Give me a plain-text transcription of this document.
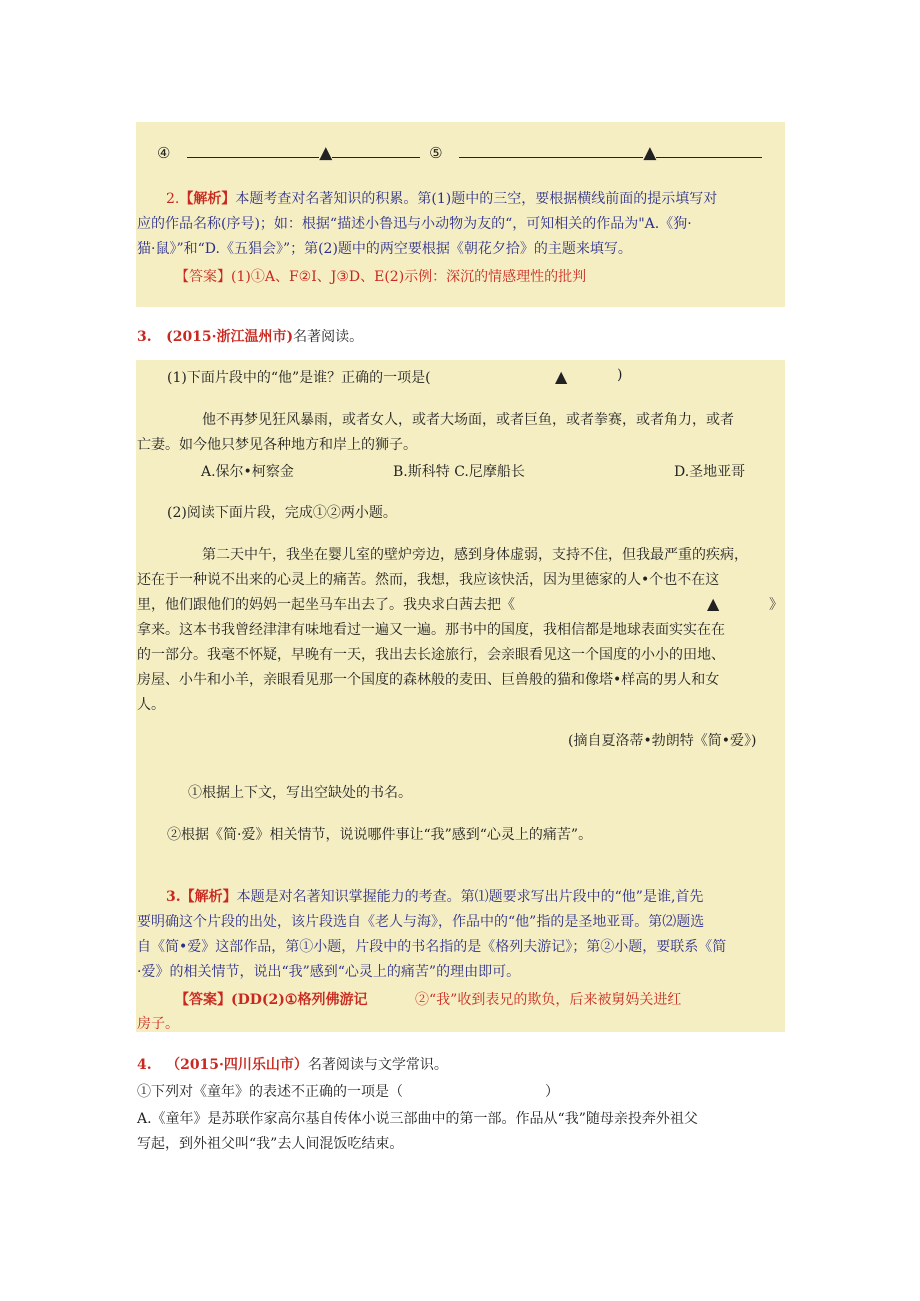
④	▲	⑤	▲
2.【解析】本题考查对名著知识的积累。第(1)题中的三空，要根据横线前面的提示填写对
应的作品名称(序号)；如：根据“描述小鲁迅与小动物为友的“，可知相关的作品为"A.《狗·
猫·鼠》”和“D.《五猖会》”；第(2)题中的两空要根据《朝花夕拾》的主题来填写。
【答案】(1)①A、F②I、J③D、E(2)示例：深沉的情感理性的批判
3. (2015·浙江温州市)名著阅读。
(1)下面片段中的“他”是谁？正确的一项是(	▲	)
他不再梦见狂风暴雨，或者女人，或者大场面，或者巨鱼，或者拳赛，或者角力，或者
亡妻。如今他只梦见各种地方和岸上的狮子。
A.保尔•柯察金	B.斯科特 C.尼摩船长	D.圣地亚哥
(2)阅读下面片段，完成①②两小题。
第二天中午，我坐在婴儿室的壁炉旁边，感到身体虚弱，支持不住，但我最严重的疾病，
还在于一种说不出来的心灵上的痛苦。然而，我想，我应该快活，因为里德家的人•个也不在这
里，他们跟他们的妈妈一起坐马车出去了。我央求白茜去把《	▲	》
拿来。这本书我曾经津津有味地看过一遍又一遍。那书中的国度，我相信都是地球表面实实在在
的一部分。我毫不怀疑，早晚有一天，我出去长途旅行，会亲眼看见这一个国度的小小的田地、
房屋、小牛和小羊，亲眼看见那一个国度的森林般的麦田、巨兽般的猫和像塔•样高的男人和女
人。
(摘自夏洛蒂•勃朗特《简•爱》)
①根据上下文，写出空缺处的书名。
②根据《简·爱》相关情节，说说哪件事让“我”感到“心灵上的痛苦”。
3.【解析】本题是对名著知识掌握能力的考查。第⑴题要求写出片段中的“他”是谁,首先
要明确这个片段的出处，该片段选自《老人与海》，作品中的“他”指的是圣地亚哥。第⑵题选
自《简•爱》这部作品，第①小题，片段中的书名指的是《格列夫游记》；第②小题，要联系《简
·爱》的相关情节，说出“我”感到“心灵上的痛苦”的理由即可。
【答案】(DD(2)①格列佛游记	②“我”收到表兄的欺负，后来被舅妈关进红
房子。
4. （2015·四川乐山市）名著阅读与文学常识。
①下列对《童年》的表述不正确的一项是（	）
A.《童年》是苏联作家高尔基自传体小说三部曲中的第一部。作品从“我”随母亲投奔外祖父
写起，到外祖父叫“我”去人间混饭吃结束。
